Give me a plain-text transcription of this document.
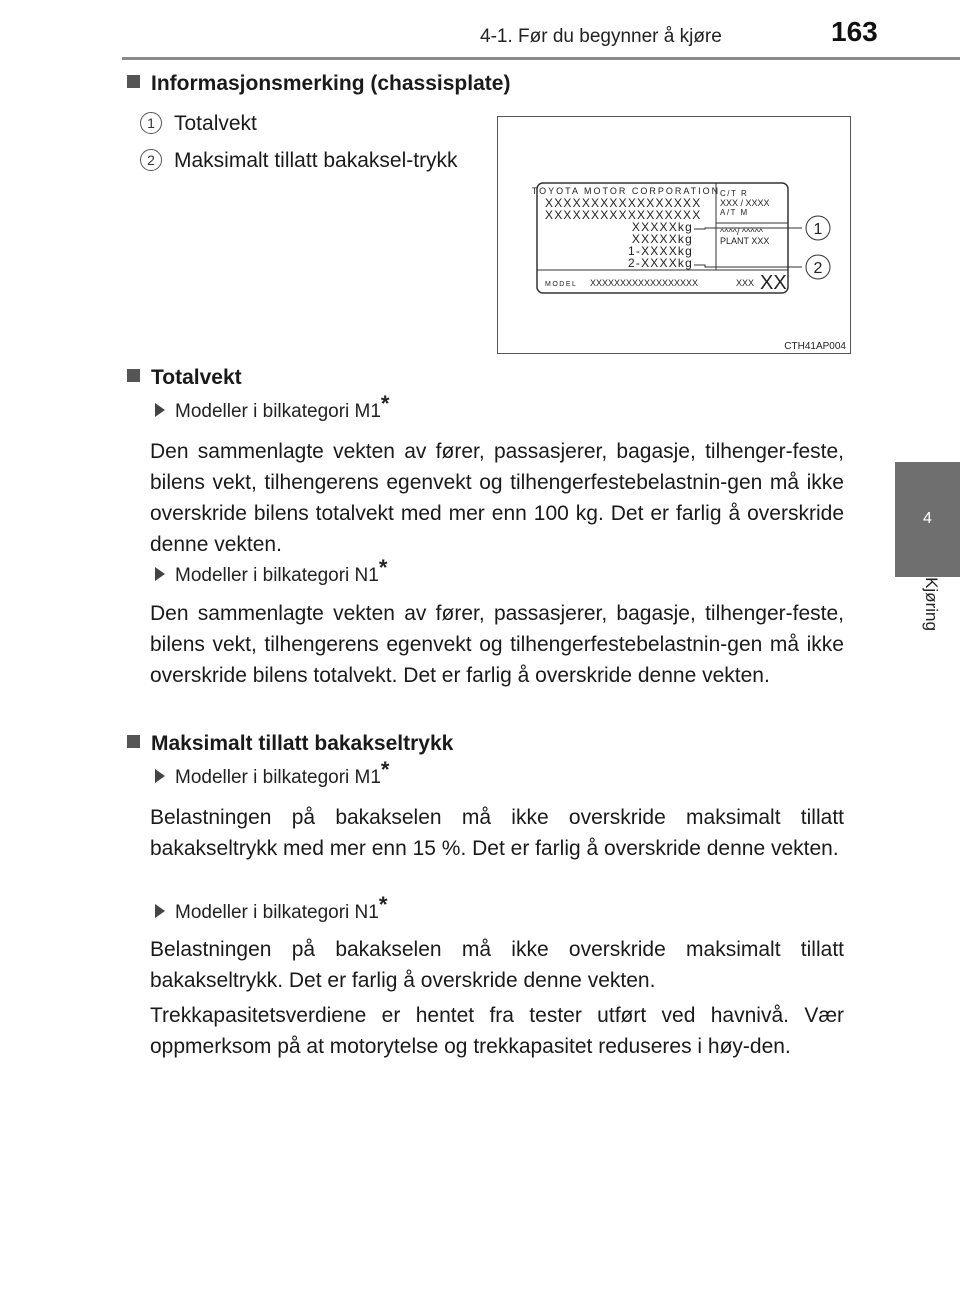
4-1. Før du begynner å kjøre	163
4
Kjøring
Informasjonsmerking (chassisplate)
1 Totalvekt
2 Maksimalt tillatt bakaksel-trykk
TOYOTA MOTOR CORPORATION
XXXXXXXXXXXXXXXXX
XXXXXXXXXXXXXXXXX
XXXXXkg
XXXXXkg
1-XXXXkg
2-XXXXkg
C/T R
XXX / XXXX
A/T M
^^^^/ ^^^^^
PLANT XXX
MODEL XXXXXXXXXXXXXXXXXX	XXX XX
1
2
CTH41AP004
Totalvekt
Modeller i bilkategori M1*
Den sammenlagte vekten av fører, passasjerer, bagasje, tilhenger-feste, bilens vekt, tilhengerens egenvekt og tilhengerfestebelastnin-gen må ikke overskride bilens totalvekt med mer enn 100 kg. Det er farlig å overskride denne vekten.
Modeller i bilkategori N1*
Den sammenlagte vekten av fører, passasjerer, bagasje, tilhenger-feste, bilens vekt, tilhengerens egenvekt og tilhengerfestebelastnin-gen må ikke overskride bilens totalvekt. Det er farlig å overskride denne vekten.
Maksimalt tillatt bakakseltrykk
Modeller i bilkategori M1*
Belastningen på bakakselen må ikke overskride maksimalt tillatt bakakseltrykk med mer enn 15 %. Det er farlig å overskride denne vekten.
Modeller i bilkategori N1*
Belastningen på bakakselen må ikke overskride maksimalt tillatt bakakseltrykk. Det er farlig å overskride denne vekten.
Trekkapasitetsverdiene er hentet fra tester utført ved havnivå. Vær oppmerksom på at motorytelse og trekkapasitet reduseres i høy-den.
